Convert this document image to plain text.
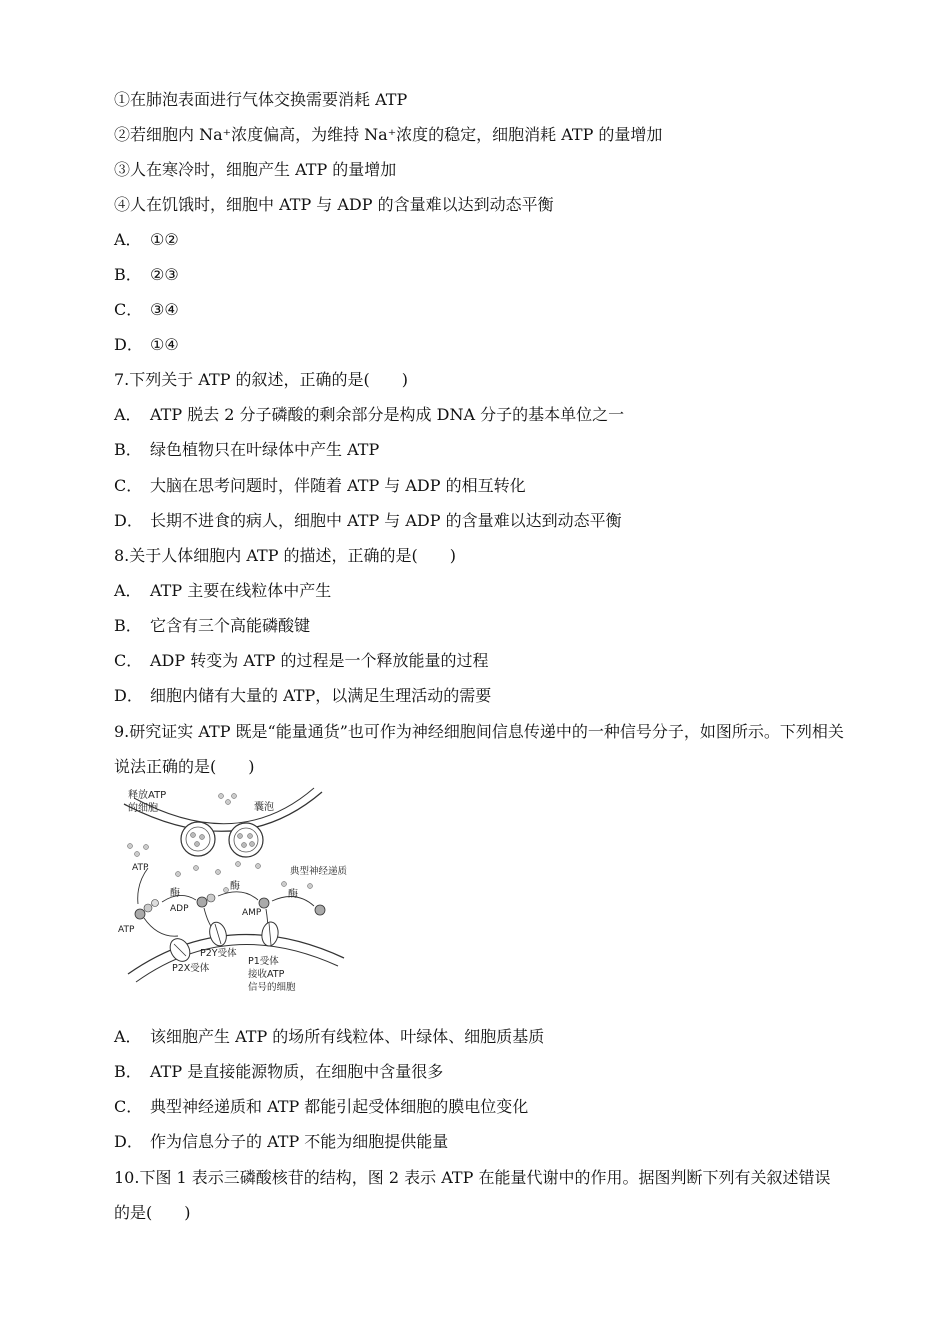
①在肺泡表面进行气体交换需要消耗 ATP
②若细胞内 Na⁺浓度偏高，为维持 Na⁺浓度的稳定，细胞消耗 ATP 的量增加
③人在寒冷时，细胞产生 ATP 的量增加
④人在饥饿时，细胞中 ATP 与 ADP 的含量难以达到动态平衡
A． ①②
B． ②③
C． ③④
D． ①④
7.下列关于 ATP 的叙述，正确的是(　　)
A． ATP 脱去 2 分子磷酸的剩余部分是构成 DNA 分子的基本单位之一
B． 绿色植物只在叶绿体中产生 ATP
C． 大脑在思考问题时，伴随着 ATP 与 ADP 的相互转化
D． 长期不进食的病人，细胞中 ATP 与 ADP 的含量难以达到动态平衡
8.关于人体细胞内 ATP 的描述，正确的是(　　)
A． ATP 主要在线粒体中产生
B． 它含有三个高能磷酸键
C． ADP 转变为 ATP 的过程是一个释放能量的过程
D． 细胞内储有大量的 ATP，以满足生理活动的需要
9.研究证实 ATP 既是“能量通货”也可作为神经细胞间信息传递中的一种信号分子，如图所示。下列相关说法正确的是(　　)
释放ATP
的细胞	囊泡
ATP	典型神经递质
酶
酶
酶
ADP	AMP
ATP
P2Y受体
P2X受体
P1受体
接收ATP
信号的细胞
A． 该细胞产生 ATP 的场所有线粒体、叶绿体、细胞质基质
B． ATP 是直接能源物质，在细胞中含量很多
C． 典型神经递质和 ATP 都能引起受体细胞的膜电位变化
D． 作为信息分子的 ATP 不能为细胞提供能量
10.下图 1 表示三磷酸核苷的结构，图 2 表示 ATP 在能量代谢中的作用。据图判断下列有关叙述错误的是(　　)
